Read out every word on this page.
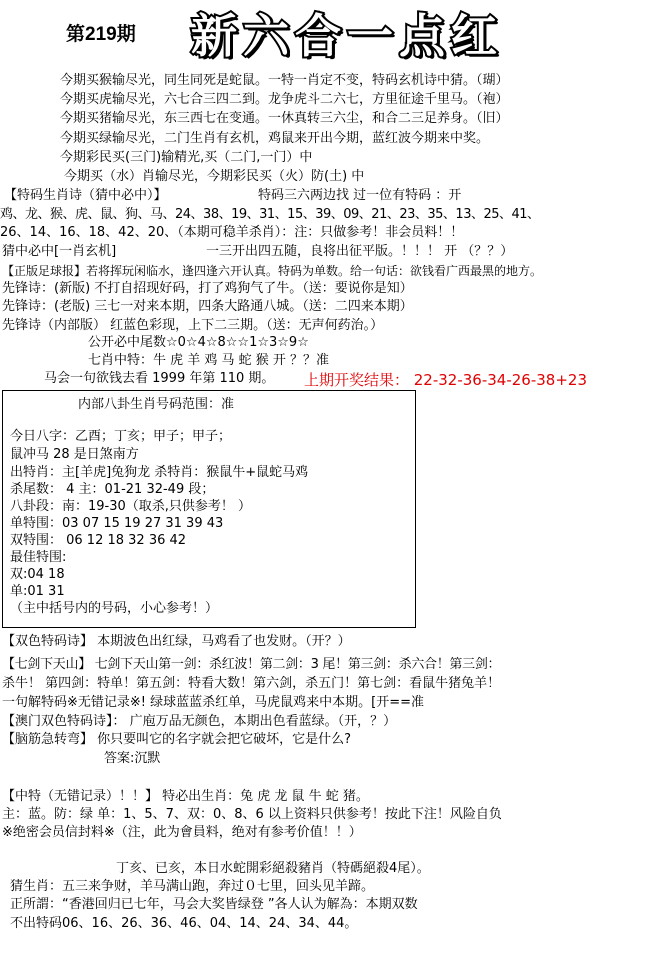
第219期 新 六 合 一 点 红
今期买猴输尽光，同生同死是蛇鼠。一特一肖定不变，特码玄机诗中猜。（瑚）
今期买虎输尽光，六七合三四二到。龙争虎斗二六七，方里征途千里马。（袍）
今期买猪输尽光，东三西七在变通。一休真转三六尘，和合二三足养身。（旧）
今期买绿输尽光，二门生肖有玄机，鸡鼠来开出今期，蓝红波今期来中奖。
今期彩民买(三门)输精光,买（二门,一门）中
今期买（水）肖输尽光，今期彩民买（火）防(土) 中
【特码生肖诗（猜中必中）】	特码三六两边找 过一位有特码 ：开
鸡、龙、猴、虎、鼠、狗、马、24、38、19、31、15、39、09、21、23、35、13、25、41、
26、14、16、18、42、20、（本期可稳羊杀肖）：注：只做参考！非会员料！！
猜中必中[一肖玄机]	一三开出四五随，良将出征平版。！！！ 开 （？？）
【正版足球报】若将挥玩闲临水，逢四逢六开认真。特码为单数。给一句话：欲钱看广西最黑的地方。
先锋诗：(新版) 不打自招现好码，打了鸡狗气了牛。（送：要说你是知）
先锋诗：(老版) 三七一对来本期，四条大路通八城。（送：二四来本期）
先锋诗（内部版） 红蓝色彩现，上下二三期。（送：无声何药治。）
公开必中尾数☆0☆4☆8☆☆1☆3☆9☆
七肖中特：牛 虎 羊 鸡 马 蛇 猴 开 ？？准
马会一句欲钱去看 1999 年第 110 期。 上期开奖结果： 22-32-36-34-26-38+23
内部八卦生肖号码范围：准
今日八字：乙酉；丁亥；甲子；甲子；
鼠冲马 28 是日煞南方
出特肖：主[羊虎]兔狗龙 杀特肖：猴鼠牛+鼠蛇马鸡
杀尾数： 4 主：01-21 32-49 段；
八卦段：南：19-30（取杀,只供参考！ ）
单特围：03 07 15 19 27 31 39 43
双特围： 06 12 18 32 36 42
最佳特围:
双:04 18
单:01 31
（主中括号内的号码，小心参考！）
【双色特码诗】 本期波色出红绿，马鸡看了也发财。（开？）
【七剑下天山】 七剑下天山第一剑：杀红波！第二剑：3 尾！第三剑：杀六合！第三剑：
杀牛！ 第四剑：特单！第五剑：特看大数！第六剑，杀五门！第七剑：看鼠牛猪兔羊！
一句解特码※无错记录※! 绿球蓝蓝杀红单，马虎鼠鸡来中本期。[开==准
【澳门双色特码诗】： 广庖万品无颜色，本期出色看蓝绿。（开，？）
【脑筋急转弯】 你只要叫它的名字就会把它破坏，它是什么?
答案:沉默
【中特（无错记录）！！】 特必出生肖：兔 虎 龙 鼠 牛 蛇 猪。
主：蓝。防：绿 单：1、5、7、双：0、8、6 以上资料只供参考！按此下注！风险自负
※绝密会员信封料※（注，此为會員料，绝对有参考价值！！）
丁亥、已亥，本日水蛇開彩絕殺豬肖（特碼絕殺4尾）。
猜生肖：五三来争财，羊马满山跑，奔过０七里，回头见羊蹄。
正所謂：“香港回归已七年，马会大奖皆绿登 ”各人认为解為：本期双数
不出特码06、16、26、36、46、04、14、24、34、44。
